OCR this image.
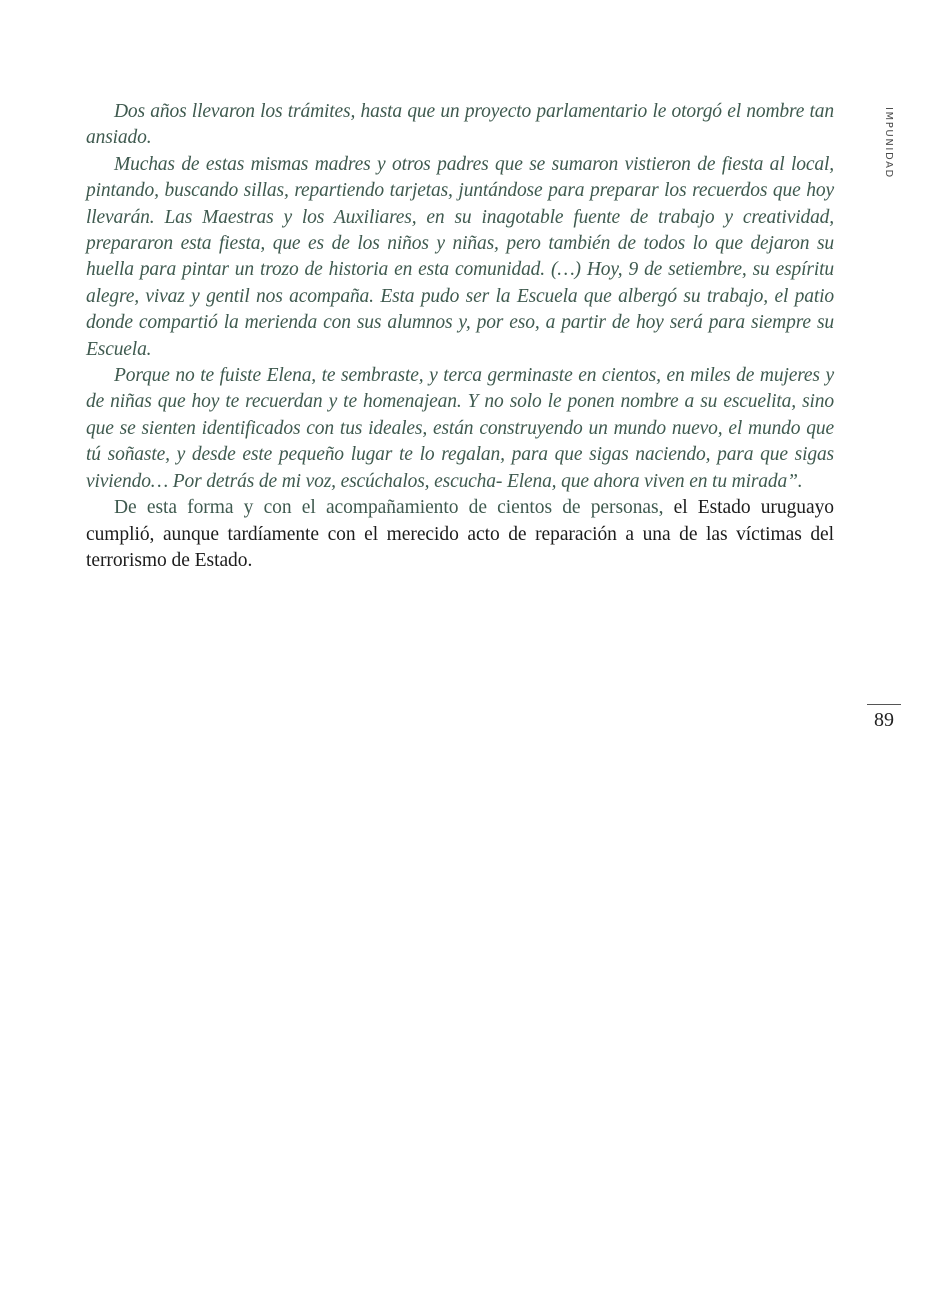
IMPUNIDAD

Dos años llevaron los trámites, hasta que un proyecto parlamentario le otorgó el nombre tan ansiado.

Muchas de estas mismas madres y otros padres que se sumaron vistieron de fiesta al local, pintando, buscando sillas, repartiendo tarjetas, juntándose para preparar los recuerdos que hoy llevarán. Las Maestras y los Auxiliares, en su inagotable fuente de trabajo y creatividad, prepararon esta fiesta, que es de los niños y niñas, pero también de todos lo que dejaron su huella para pintar un trozo de historia en esta comunidad. (…) Hoy, 9 de setiembre, su espíritu alegre, vivaz y gentil nos acompaña. Esta pudo ser la Escuela que albergó su trabajo, el patio donde compartió la merienda con sus alumnos y, por eso, a partir de hoy será para siempre su Escuela.

Porque no te fuiste Elena, te sembraste, y terca germinaste en cientos, en miles de mujeres y de niñas que hoy te recuerdan y te homenajean. Y no solo le ponen nombre a su escuelita, sino que se sienten identificados con tus ideales, están construyendo un mundo nuevo, el mundo que tú soñaste, y desde este pequeño lugar te lo regalan, para que sigas naciendo, para que sigas viviendo… Por detrás de mi voz, escúchalos, escucha- Elena, que ahora viven en tu mirada”.

De esta forma y con el acompañamiento de cientos de personas, el Estado uruguayo cumplió, aunque tardíamente con el merecido acto de reparación a una de las víctimas del terrorismo de Estado.

89
